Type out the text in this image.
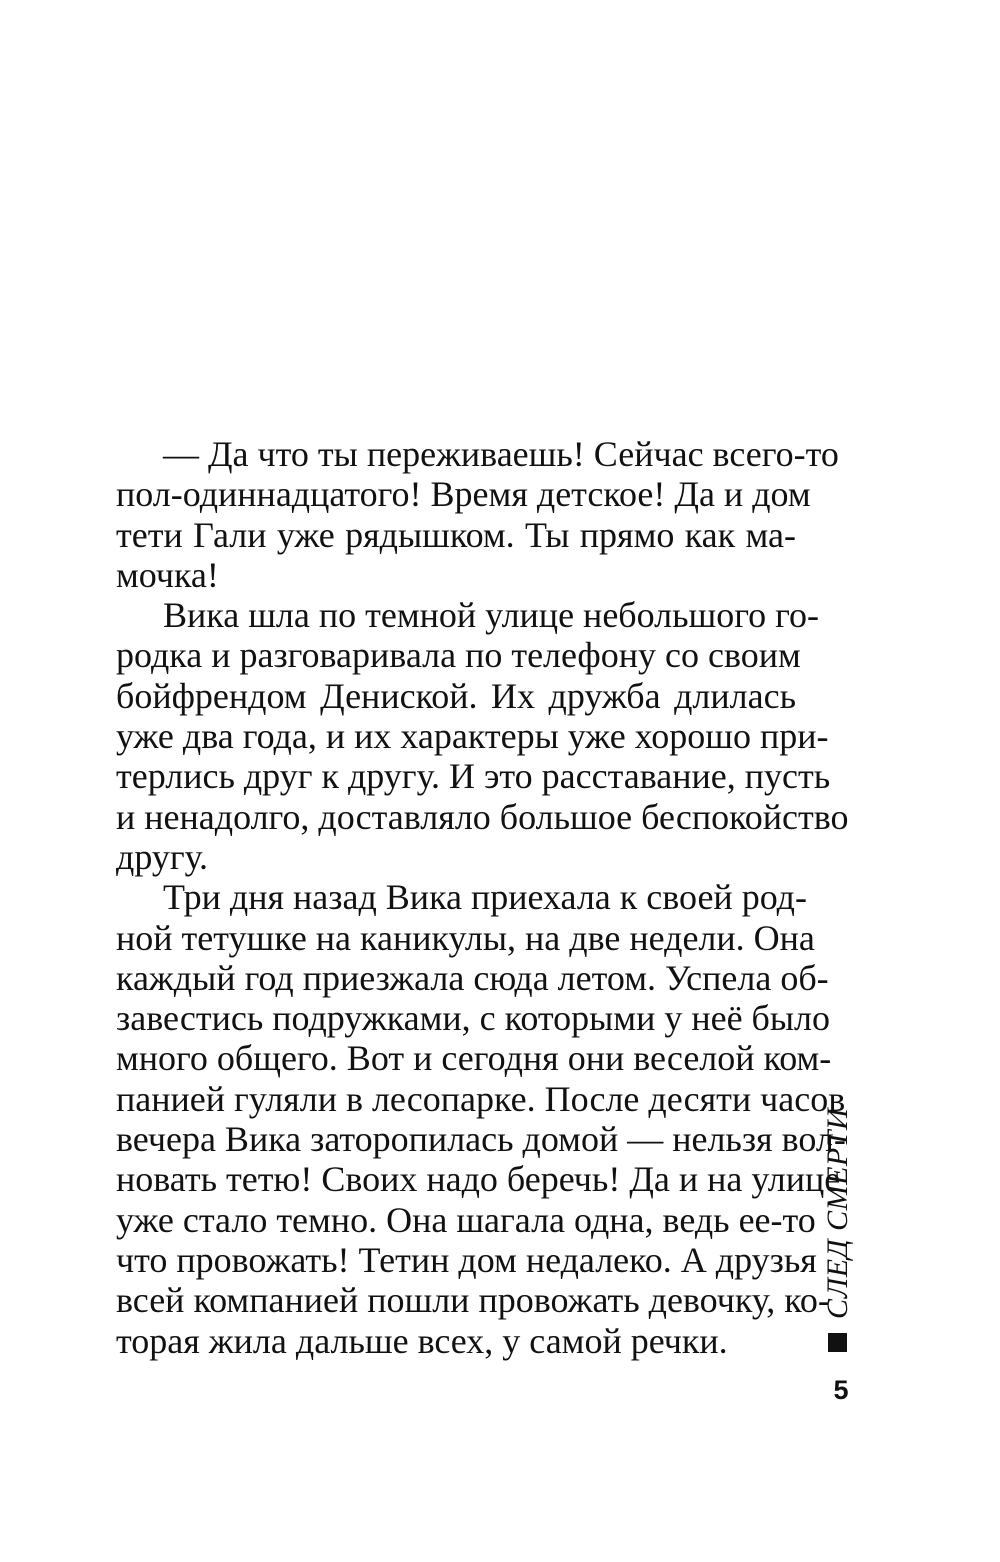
— Да что ты переживаешь! Сейчас всего-то
пол-одиннадцатого! Время детское! Да и дом
тети Гали уже рядышком. Ты прямо как ма-
мочка!
Вика шла по темной улице небольшого го-
родка и разговаривала по телефону со своим
бойфрендом Дениской. Их дружба длилась
уже два года, и их характеры уже хорошо при-
терлись друг к другу. И это расставание, пусть
и ненадолго, доставляло большое беспокойство
другу.
Три дня назад Вика приехала к своей род-
ной тетушке на каникулы, на две недели. Она
каждый год приезжала сюда летом. Успела об-
завестись подружками, с которыми у неё было
много общего. Вот и сегодня они веселой ком-
панией гуляли в лесопарке. После десяти часов
вечера Вика заторопилась домой — нельзя вол-
новать тетю! Своих надо беречь! Да и на улице
уже стало темно. Она шагала одна, ведь ее-то
что провожать! Тетин дом недалеко. А друзья
всей компанией пошли провожать девочку, ко-
торая жила дальше всех, у самой речки.
СЛЕД СМЕРТИ
5
